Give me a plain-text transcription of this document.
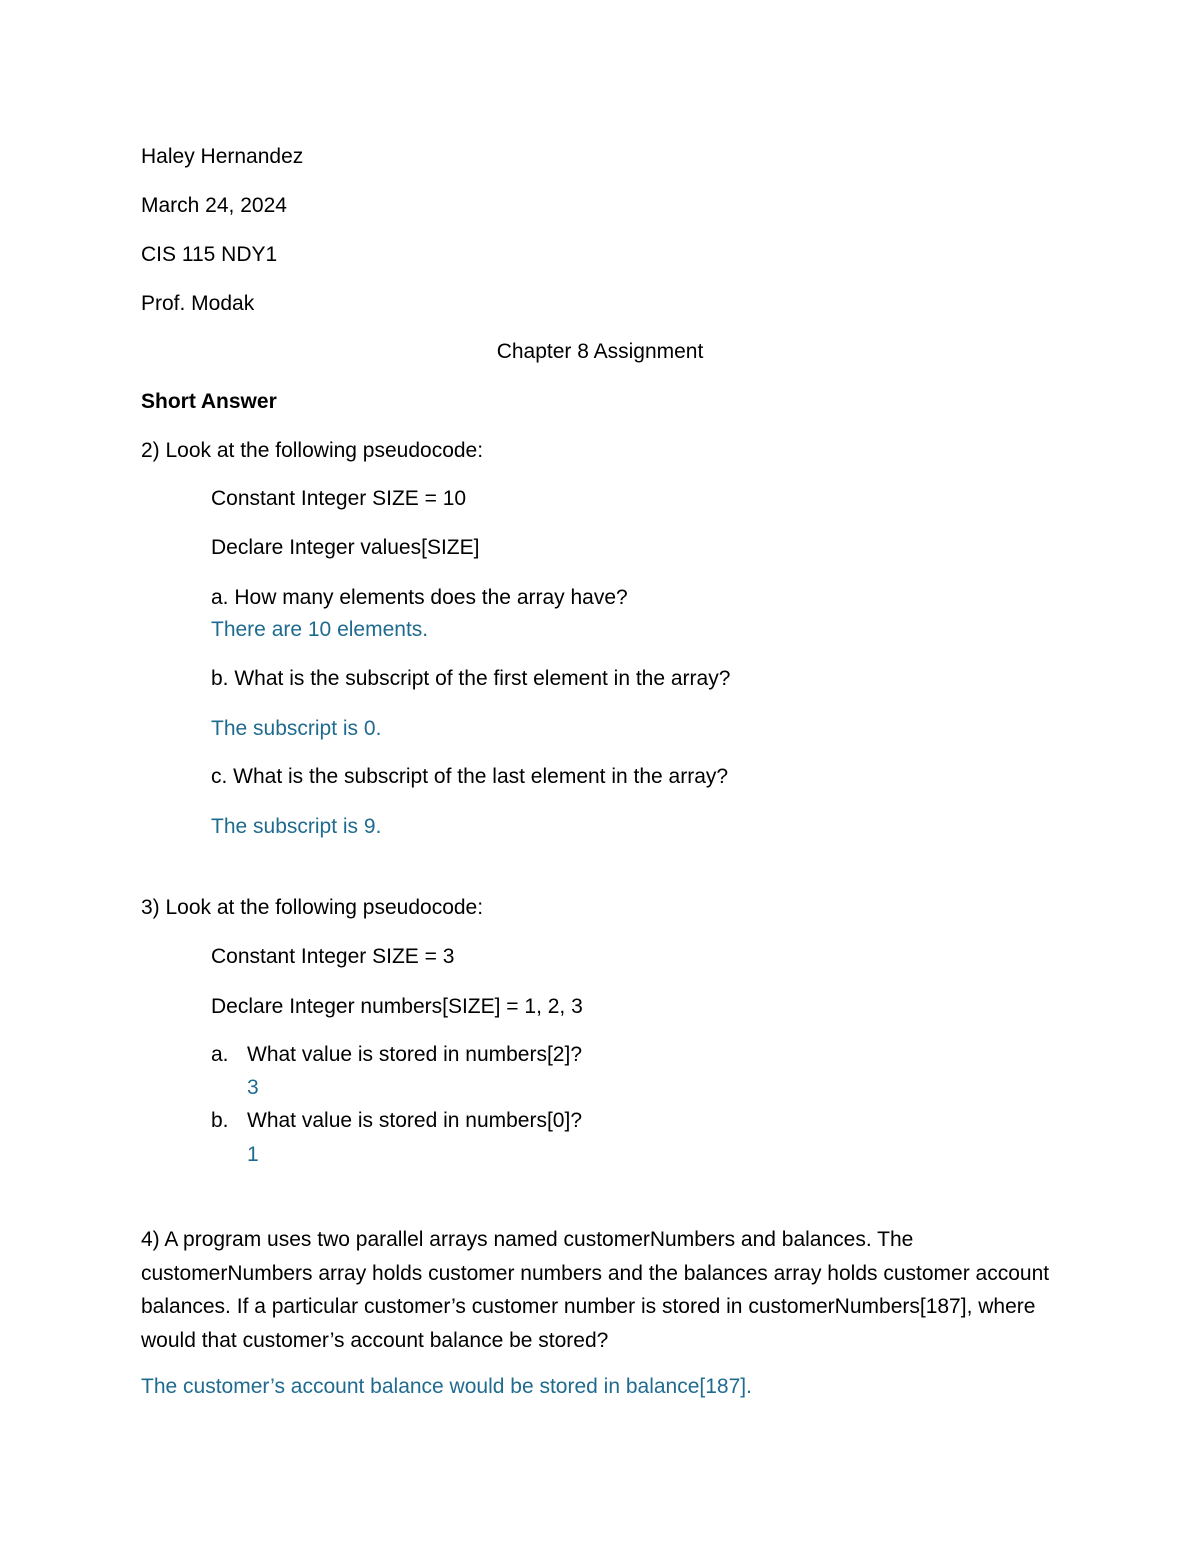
Haley Hernandez

March 24, 2024

CIS 115 NDY1

Prof. Modak

Chapter 8 Assignment

Short Answer

2) Look at the following pseudocode:

Constant Integer SIZE = 10

Declare Integer values[SIZE]

a. How many elements does the array have?

There are 10 elements.

b. What is the subscript of the first element in the array?

The subscript is 0.

c. What is the subscript of the last element in the array?

The subscript is 9.

3) Look at the following pseudocode:

Constant Integer SIZE = 3

Declare Integer numbers[SIZE] = 1, 2, 3

a. What value is stored in numbers[2]?

3

b. What value is stored in numbers[0]?

1

4) A program uses two parallel arrays named customerNumbers and balances. The customerNumbers array holds customer numbers and the balances array holds customer account balances. If a particular customer’s customer number is stored in customerNumbers[187], where would that customer’s account balance be stored?

The customer’s account balance would be stored in balance[187].
